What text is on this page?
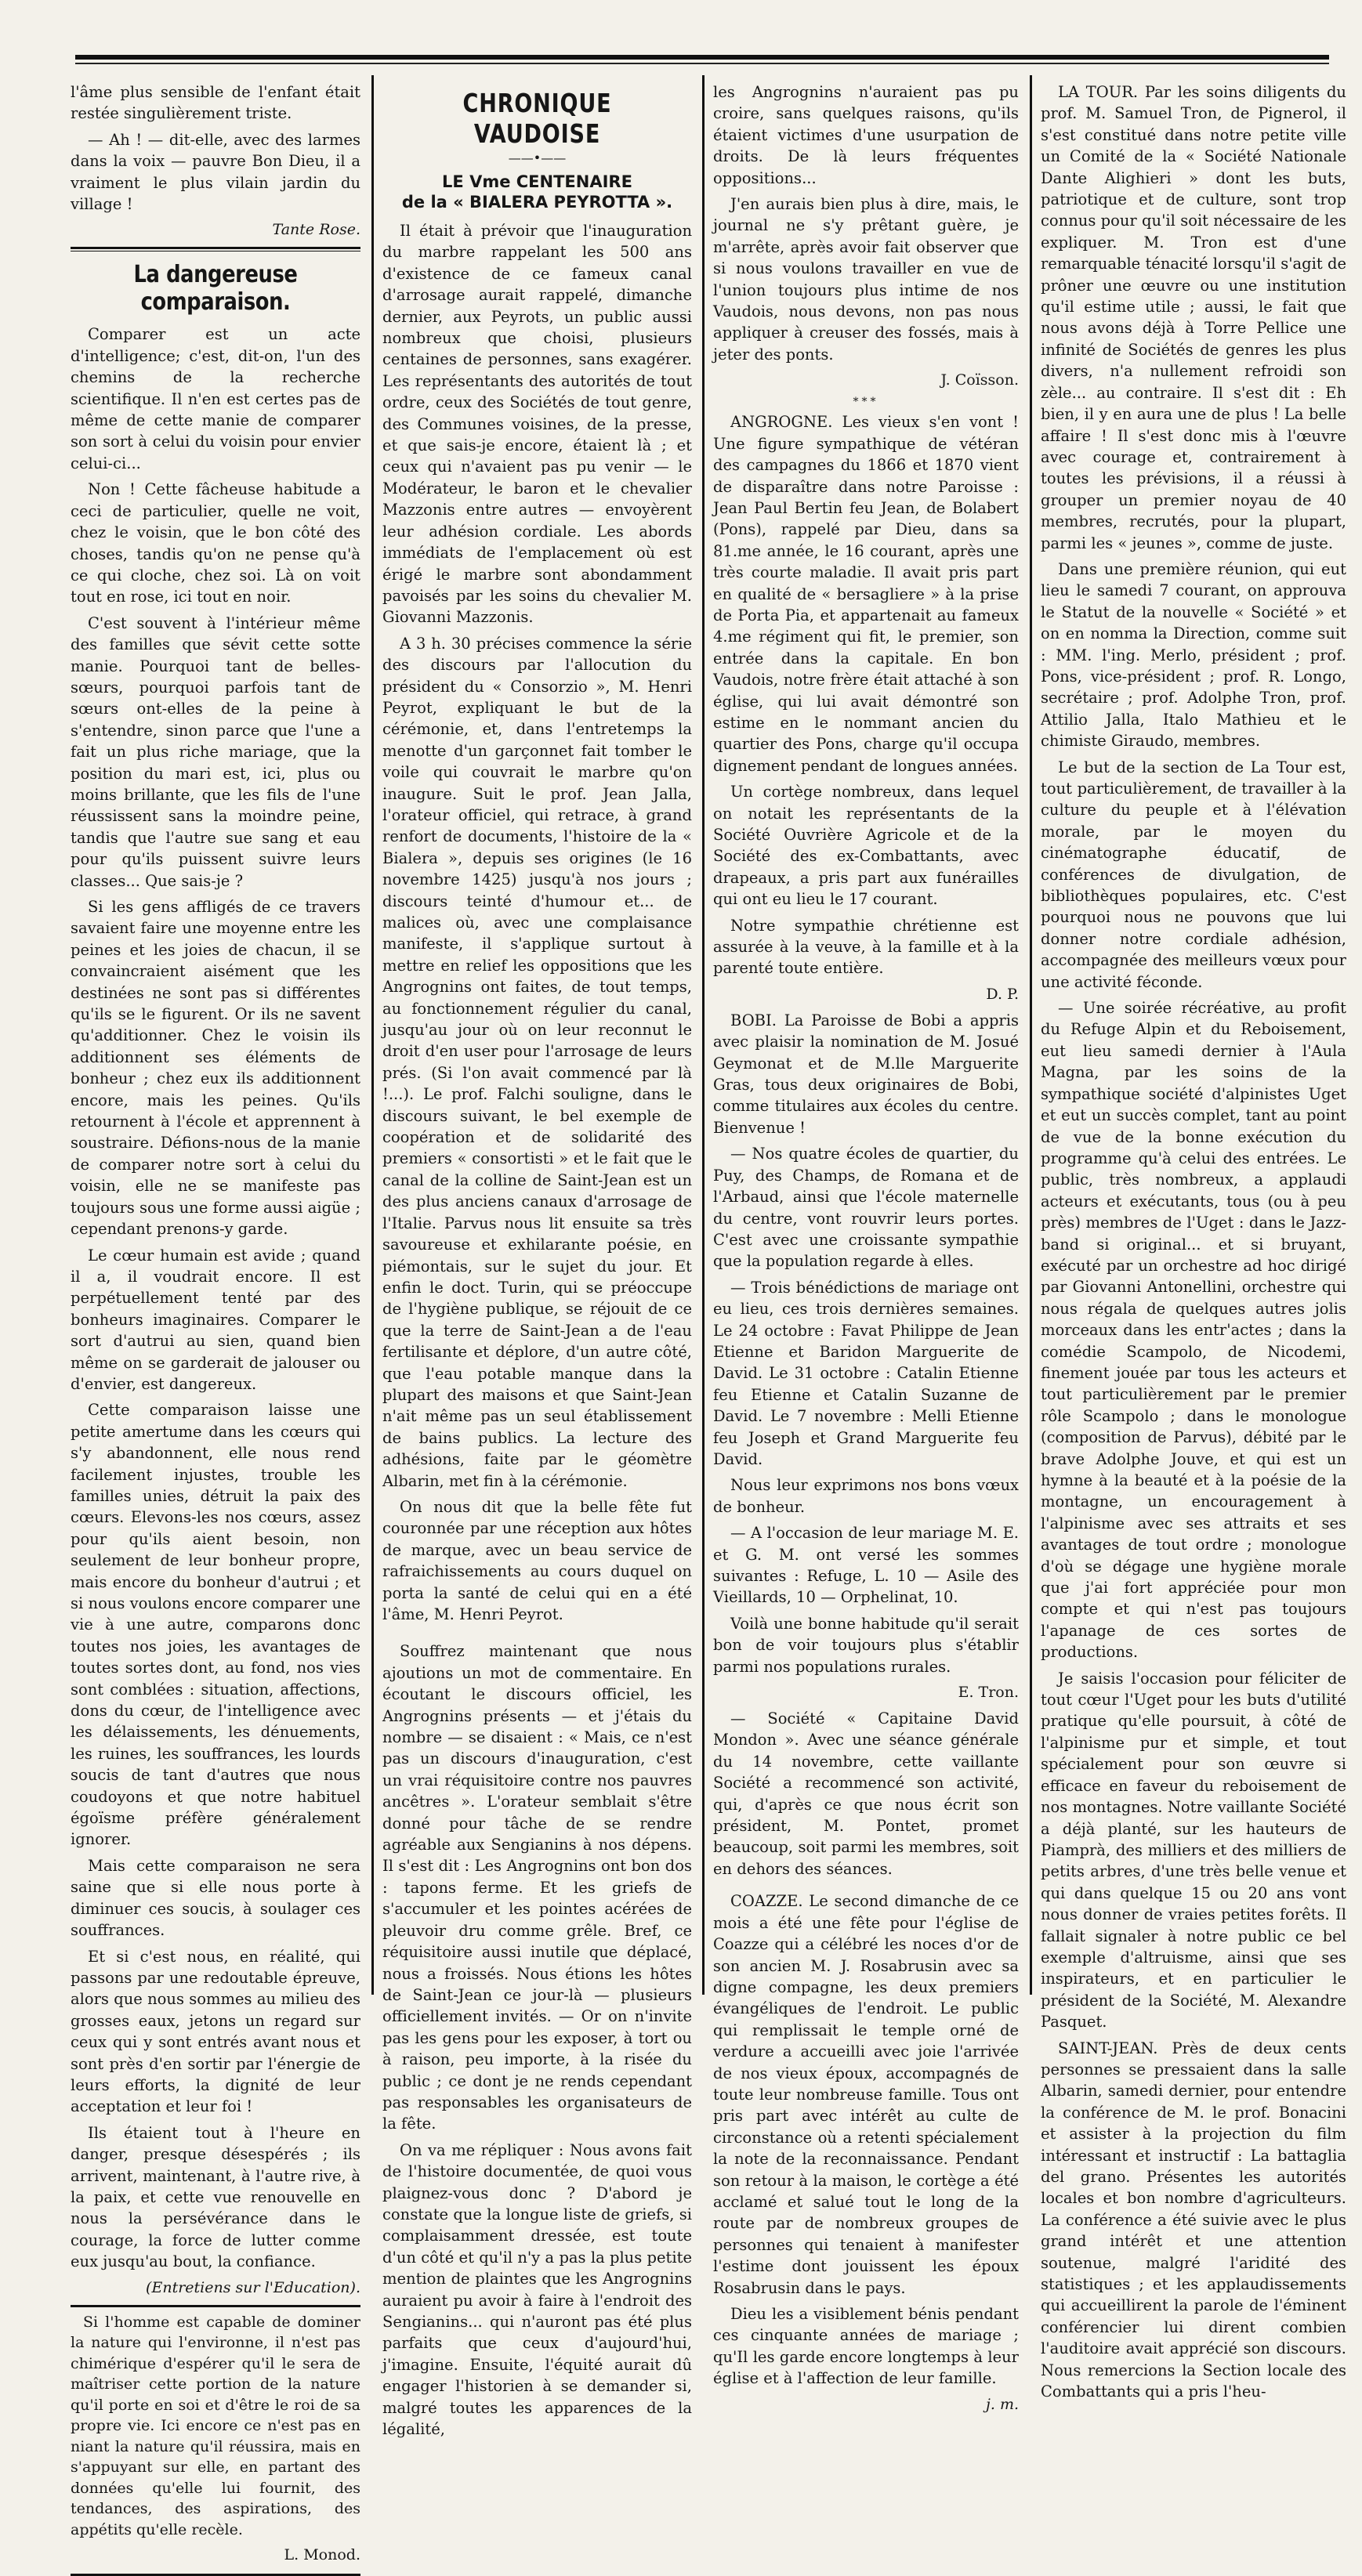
l'âme plus sensible de l'enfant était restée singulièrement triste.

— Ah ! — dit-elle, avec des larmes dans la voix — pauvre Bon Dieu, il a vraiment le plus vilain jardin du village !

Tante Rose.
La dangereuse comparaison.

Comparer est un acte d'intelligence; c'est, dit-on, l'un des chemins de la recherche scientifique. Il n'en est certes pas de même de cette manie de comparer son sort à celui du voisin pour envier celui-ci...

Non ! Cette fâcheuse habitude a ceci de particulier, quelle ne voit, chez le voisin, que le bon côté des choses, tandis qu'on ne pense qu'à ce qui cloche, chez soi. Là on voit tout en rose, ici tout en noir.

C'est souvent à l'intérieur même des familles que sévit cette sotte manie. Pourquoi tant de belles-sœurs, pourquoi parfois tant de sœurs ont-elles de la peine à s'entendre, sinon parce que l'une a fait un plus riche mariage, que la position du mari est, ici, plus ou moins brillante, que les fils de l'une réussissent sans la moindre peine, tandis que l'autre sue sang et eau pour qu'ils puissent suivre leurs classes... Que sais-je ?

Si les gens affligés de ce travers savaient faire une moyenne entre les peines et les joies de chacun, il se convaincraient aisément que les destinées ne sont pas si différentes qu'ils se le figurent. Or ils ne savent qu'additionner. Chez le voisin ils additionnent ses éléments de bonheur ; chez eux ils additionnent encore, mais les peines. Qu'ils retournent à l'école et apprennent à soustraire. Défions-nous de la manie de comparer notre sort à celui du voisin, elle ne se manifeste pas toujours sous une forme aussi aigüe ; cependant prenons-y garde.

Le cœur humain est avide ; quand il a, il voudrait encore. Il est perpétuellement tenté par des bonheurs imaginaires. Comparer le sort d'autrui au sien, quand bien même on se garderait de jalouser ou d'envier, est dangereux.

Cette comparaison laisse une petite amertume dans les cœurs qui s'y abandonnent, elle nous rend facilement injustes, trouble les familles unies, détruit la paix des cœurs. Elevons-les nos cœurs, assez pour qu'ils aient besoin, non seulement de leur bonheur propre, mais encore du bonheur d'autrui ; et si nous voulons encore comparer une vie à une autre, comparons donc toutes nos joies, les avantages de toutes sortes dont, au fond, nos vies sont comblées : situation, affections, dons du cœur, de l'intelligence avec les délaissements, les dénuements, les ruines, les souffrances, les lourds soucis de tant d'autres que nous coudoyons et que notre habituel égoïsme préfère généralement ignorer.

Mais cette comparaison ne sera saine que si elle nous porte à diminuer ces soucis, à soulager ces souffrances.

Et si c'est nous, en réalité, qui passons par une redoutable épreuve, alors que nous sommes au milieu des grosses eaux, jetons un regard sur ceux qui y sont entrés avant nous et sont près d'en sortir par l'énergie de leurs efforts, la dignité de leur acceptation et leur foi !

Ils étaient tout à l'heure en danger, presque désespérés ; ils arrivent, maintenant, à l'autre rive, à la paix, et cette vue renouvelle en nous la persévérance dans le courage, la force de lutter comme eux jusqu'au bout, la confiance.

(Entretiens sur l'Education).

Si l'homme est capable de dominer la nature qui l'environne, il n'est pas chimérique d'espérer qu'il le sera de maîtriser cette portion de la nature qu'il porte en soi et d'être le roi de sa propre vie. Ici encore ce n'est pas en niant la nature qu'il réussira, mais en s'appuyant sur elle, en partant des données qu'elle lui fournit, des tendances, des aspirations, des appétits qu'elle recèle.

L. Monod.
CHRONIQUE VAUDOISE
——•——
LE Vme CENTENAIRE
de la « BIALERA PEYROTTA ».

Il était à prévoir que l'inauguration du marbre rappelant les 500 ans d'existence de ce fameux canal d'arrosage aurait rappelé, dimanche dernier, aux Peyrots, un public aussi nombreux que choisi, plusieurs centaines de personnes, sans exagérer. Les représentants des autorités de tout ordre, ceux des Sociétés de tout genre, des Communes voisines, de la presse, et que sais-je encore, étaient là ; et ceux qui n'avaient pas pu venir — le Modérateur, le baron et le chevalier Mazzonis entre autres — envoyèrent leur adhésion cordiale. Les abords immédiats de l'emplacement où est érigé le marbre sont abondamment pavoisés par les soins du chevalier M. Giovanni Mazzonis.

A 3 h. 30 précises commence la série des discours par l'allocution du président du « Consorzio », M. Henri Peyrot, expliquant le but de la cérémonie, et, dans l'entretemps la menotte d'un garçonnet fait tomber le voile qui couvrait le marbre qu'on inaugure. Suit le prof. Jean Jalla, l'orateur officiel, qui retrace, à grand renfort de documents, l'histoire de la « Bialera », depuis ses origines (le 16 novembre 1425) jusqu'à nos jours ; discours teinté d'humour et... de malices où, avec une complaisance manifeste, il s'applique surtout à mettre en relief les oppositions que les Angrognins ont faites, de tout temps, au fonctionnement régulier du canal, jusqu'au jour où on leur reconnut le droit d'en user pour l'arrosage de leurs prés. (Si l'on avait commencé par là !...). Le prof. Falchi souligne, dans le discours suivant, le bel exemple de coopération et de solidarité des premiers « consortisti » et le fait que le canal de la colline de Saint-Jean est un des plus anciens canaux d'arrosage de l'Italie. Parvus nous lit ensuite sa très savoureuse et exhilarante poésie, en piémontais, sur le sujet du jour. Et enfin le doct. Turin, qui se préoccupe de l'hygiène publique, se réjouit de ce que la terre de Saint-Jean a de l'eau fertilisante et déplore, d'un autre côté, que l'eau potable manque dans la plupart des maisons et que Saint-Jean n'ait même pas un seul établissement de bains publics. La lecture des adhésions, faite par le géomètre Albarin, met fin à la cérémonie.

On nous dit que la belle fête fut couronnée par une réception aux hôtes de marque, avec un beau service de rafraichissements au cours duquel on porta la santé de celui qui en a été l'âme, M. Henri Peyrot.

Souffrez maintenant que nous ajoutions un mot de commentaire. En écoutant le discours officiel, les Angrognins présents — et j'étais du nombre — se disaient : « Mais, ce n'est pas un discours d'inauguration, c'est un vrai réquisitoire contre nos pauvres ancêtres ». L'orateur semblait s'être donné pour tâche de se rendre agréable aux Sengianins à nos dépens. Il s'est dit : Les Angrognins ont bon dos : tapons ferme. Et les griefs de s'accumuler et les pointes acérées de pleuvoir dru comme grêle. Bref, ce réquisitoire aussi inutile que déplacé, nous a froissés. Nous étions les hôtes de Saint-Jean ce jour-là — plusieurs officiellement invités. — Or on n'invite pas les gens pour les exposer, à tort ou à raison, peu importe, à la risée du public ; ce dont je ne rends cependant pas responsables les organisateurs de la fête.

On va me répliquer : Nous avons fait de l'histoire documentée, de quoi vous plaignez-vous donc ? D'abord je constate que la longue liste de griefs, si complaisamment dressée, est toute d'un côté et qu'il n'y a pas la plus petite mention de plaintes que les Angrognins auraient pu avoir à faire à l'endroit des Sengianins... qui n'auront pas été plus parfaits que ceux d'aujourd'hui, j'imagine. Ensuite, l'équité aurait dû engager l'historien à se demander si, malgré toutes les apparences de la légalité,

les Angrognins n'auraient pas pu croire, sans quelques raisons, qu'ils étaient victimes d'une usurpation de droits. De là leurs fréquentes oppositions...

J'en aurais bien plus à dire, mais, le journal ne s'y prêtant guère, je m'arrête, après avoir fait observer que si nous voulons travailler en vue de l'union toujours plus intime de nos Vaudois, nous devons, non pas nous appliquer à creuser des fossés, mais à jeter des ponts.

J. Coïsson.
***

ANGROGNE. Les vieux s'en vont ! Une figure sympathique de vétéran des campagnes du 1866 et 1870 vient de disparaître dans notre Paroisse : Jean Paul Bertin feu Jean, de Bolabert (Pons), rappelé par Dieu, dans sa 81.me année, le 16 courant, après une très courte maladie. Il avait pris part en qualité de « bersagliere » à la prise de Porta Pia, et appartenait au fameux 4.me régiment qui fit, le premier, son entrée dans la capitale. En bon Vaudois, notre frère était attaché à son église, qui lui avait démontré son estime en le nommant ancien du quartier des Pons, charge qu'il occupa dignement pendant de longues années.

Un cortège nombreux, dans lequel on notait les représentants de la Société Ouvrière Agricole et de la Société des ex-Combattants, avec drapeaux, a pris part aux funérailles qui ont eu lieu le 17 courant.

Notre sympathie chrétienne est assurée à la veuve, à la famille et à la parenté toute entière.

D. P.

BOBI. La Paroisse de Bobi a appris avec plaisir la nomination de M. Josué Geymonat et de M.lle Marguerite Gras, tous deux originaires de Bobi, comme titulaires aux écoles du centre. Bienvenue !

— Nos quatre écoles de quartier, du Puy, des Champs, de Romana et de l'Arbaud, ainsi que l'école maternelle du centre, vont rouvrir leurs portes. C'est avec une croissante sympathie que la population regarde à elles.

— Trois bénédictions de mariage ont eu lieu, ces trois dernières semaines. Le 24 octobre : Favat Philippe de Jean Etienne et Baridon Marguerite de David. Le 31 octobre : Catalin Etienne feu Etienne et Catalin Suzanne de David. Le 7 novembre : Melli Etienne feu Joseph et Grand Marguerite feu David.

Nous leur exprimons nos bons vœux de bonheur.

— A l'occasion de leur mariage M. E. et G. M. ont versé les sommes suivantes : Refuge, L. 10 — Asile des Vieillards, 10 — Orphelinat, 10.

Voilà une bonne habitude qu'il serait bon de voir toujours plus s'établir parmi nos populations rurales.

E. Tron.

— Société « Capitaine David Mondon ». Avec une séance générale du 14 novembre, cette vaillante Société a recommencé son activité, qui, d'après ce que nous écrit son président, M. Pontet, promet beaucoup, soit parmi les membres, soit en dehors des séances.

COAZZE. Le second dimanche de ce mois a été une fête pour l'église de Coazze qui a célébré les noces d'or de son ancien M. J. Rosabrusin avec sa digne compagne, les deux premiers évangéliques de l'endroit. Le public qui remplissait le temple orné de verdure a accueilli avec joie l'arrivée de nos vieux époux, accompagnés de toute leur nombreuse famille. Tous ont pris part avec intérêt au culte de circonstance où a retenti spécialement la note de la reconnaissance. Pendant son retour à la maison, le cortège a été acclamé et salué tout le long de la route par de nombreux groupes de personnes qui tenaient à manifester l'estime dont jouissent les époux Rosabrusin dans le pays.

Dieu les a visiblement bénis pendant ces cinquante années de mariage ; qu'Il les garde encore longtemps à leur église et à l'affection de leur famille.

j. m.

LA TOUR. Par les soins diligents du prof. M. Samuel Tron, de Pignerol, il s'est constitué dans notre petite ville un Comité de la « Société Nationale Dante Alighieri » dont les buts, patriotique et de culture, sont trop connus pour qu'il soit nécessaire de les expliquer. M. Tron est d'une remarquable ténacité lorsqu'il s'agit de prôner une œuvre ou une institution qu'il estime utile ; aussi, le fait que nous avons déjà à Torre Pellice une infinité de Sociétés de genres les plus divers, n'a nullement refroidi son zèle... au contraire. Il s'est dit : Eh bien, il y en aura une de plus ! La belle affaire ! Il s'est donc mis à l'œuvre avec courage et, contrairement à toutes les prévisions, il a réussi à grouper un premier noyau de 40 membres, recrutés, pour la plupart, parmi les « jeunes », comme de juste.

Dans une première réunion, qui eut lieu le samedi 7 courant, on approuva le Statut de la nouvelle « Société » et on en nomma la Direction, comme suit : MM. l'ing. Merlo, président ; prof. Pons, vice-président ; prof. R. Longo, secrétaire ; prof. Adolphe Tron, prof. Attilio Jalla, Italo Mathieu et le chimiste Giraudo, membres.

Le but de la section de La Tour est, tout particulièrement, de travailler à la culture du peuple et à l'élévation morale, par le moyen du cinématographe éducatif, de conférences de divulgation, de bibliothèques populaires, etc. C'est pourquoi nous ne pouvons que lui donner notre cordiale adhésion, accompagnée des meilleurs vœux pour une activité féconde.

— Une soirée récréative, au profit du Refuge Alpin et du Reboisement, eut lieu samedi dernier à l'Aula Magna, par les soins de la sympathique société d'alpinistes Uget et eut un succès complet, tant au point de vue de la bonne exécution du programme qu'à celui des entrées. Le public, très nombreux, a applaudi acteurs et exécutants, tous (ou à peu près) membres de l'Uget : dans le Jazz-band si original... et si bruyant, exécuté par un orchestre ad hoc dirigé par Giovanni Antonellini, orchestre qui nous régala de quelques autres jolis morceaux dans les entr'actes ; dans la comédie Scampolo, de Nicodemi, finement jouée par tous les acteurs et tout particulièrement par le premier rôle Scampolo ; dans le monologue (composition de Parvus), débité par le brave Adolphe Jouve, et qui est un hymne à la beauté et à la poésie de la montagne, un encouragement à l'alpinisme avec ses attraits et ses avantages de tout ordre ; monologue d'où se dégage une hygiène morale que j'ai fort appréciée pour mon compte et qui n'est pas toujours l'apanage de ces sortes de productions.

Je saisis l'occasion pour féliciter de tout cœur l'Uget pour les buts d'utilité pratique qu'elle poursuit, à côté de l'alpinisme pur et simple, et tout spécialement pour son œuvre si efficace en faveur du reboisement de nos montagnes. Notre vaillante Société a déjà planté, sur les hauteurs de Piamprà, des milliers et des milliers de petits arbres, d'une très belle venue et qui dans quelque 15 ou 20 ans vont nous donner de vraies petites forêts. Il fallait signaler à notre public ce bel exemple d'altruisme, ainsi que ses inspirateurs, et en particulier le président de la Société, M. Alexandre Pasquet.

SAINT-JEAN. Près de deux cents personnes se pressaient dans la salle Albarin, samedi dernier, pour entendre la conférence de M. le prof. Bonacini et assister à la projection du film intéressant et instructif : La battaglia del grano. Présentes les autorités locales et bon nombre d'agriculteurs. La conférence a été suivie avec le plus grand intérêt et une attention soutenue, malgré l'aridité des statistiques ; et les applaudissements qui accueillirent la parole de l'éminent conférencier lui dirent combien l'auditoire avait apprécié son discours. Nous remercions la Section locale des Combattants qui a pris l'heu-
